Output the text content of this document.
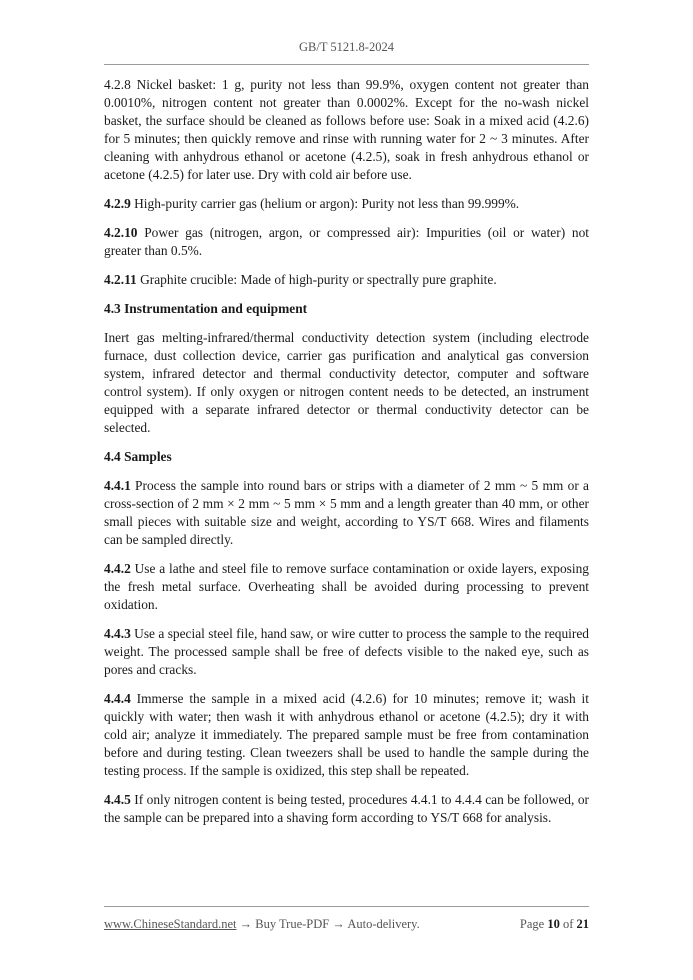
GB/T 5121.8-2024

4.2.8 Nickel basket: 1 g, purity not less than 99.9%, oxygen content not greater than 0.0010%, nitrogen content not greater than 0.0002%. Except for the no-wash nickel basket, the surface should be cleaned as follows before use: Soak in a mixed acid (4.2.6) for 5 minutes; then quickly remove and rinse with running water for 2 ~ 3 minutes. After cleaning with anhydrous ethanol or acetone (4.2.5), soak in fresh anhydrous ethanol or acetone (4.2.5) for later use. Dry with cold air before use.

4.2.9 High-purity carrier gas (helium or argon): Purity not less than 99.999%.

4.2.10 Power gas (nitrogen, argon, or compressed air): Impurities (oil or water) not greater than 0.5%.

4.2.11 Graphite crucible: Made of high-purity or spectrally pure graphite.

4.3 Instrumentation and equipment

Inert gas melting-infrared/thermal conductivity detection system (including electrode furnace, dust collection device, carrier gas purification and analytical gas conversion system, infrared detector and thermal conductivity detector, computer and software control system). If only oxygen or nitrogen content needs to be detected, an instrument equipped with a separate infrared detector or thermal conductivity detector can be selected.

4.4 Samples

4.4.1 Process the sample into round bars or strips with a diameter of 2 mm ~ 5 mm or a cross-section of 2 mm × 2 mm ~ 5 mm × 5 mm and a length greater than 40 mm, or other small pieces with suitable size and weight, according to YS/T 668. Wires and filaments can be sampled directly.

4.4.2 Use a lathe and steel file to remove surface contamination or oxide layers, exposing the fresh metal surface. Overheating shall be avoided during processing to prevent oxidation.

4.4.3 Use a special steel file, hand saw, or wire cutter to process the sample to the required weight. The processed sample shall be free of defects visible to the naked eye, such as pores and cracks.

4.4.4 Immerse the sample in a mixed acid (4.2.6) for 10 minutes; remove it; wash it quickly with water; then wash it with anhydrous ethanol or acetone (4.2.5); dry it with cold air; analyze it immediately. The prepared sample must be free from contamination before and during testing. Clean tweezers shall be used to handle the sample during the testing process. If the sample is oxidized, this step shall be repeated.

4.4.5 If only nitrogen content is being tested, procedures 4.4.1 to 4.4.4 can be followed, or the sample can be prepared into a shaving form according to YS/T 668 for analysis.

www.ChineseStandard.net → Buy True-PDF → Auto-delivery.	Page 10 of 21
